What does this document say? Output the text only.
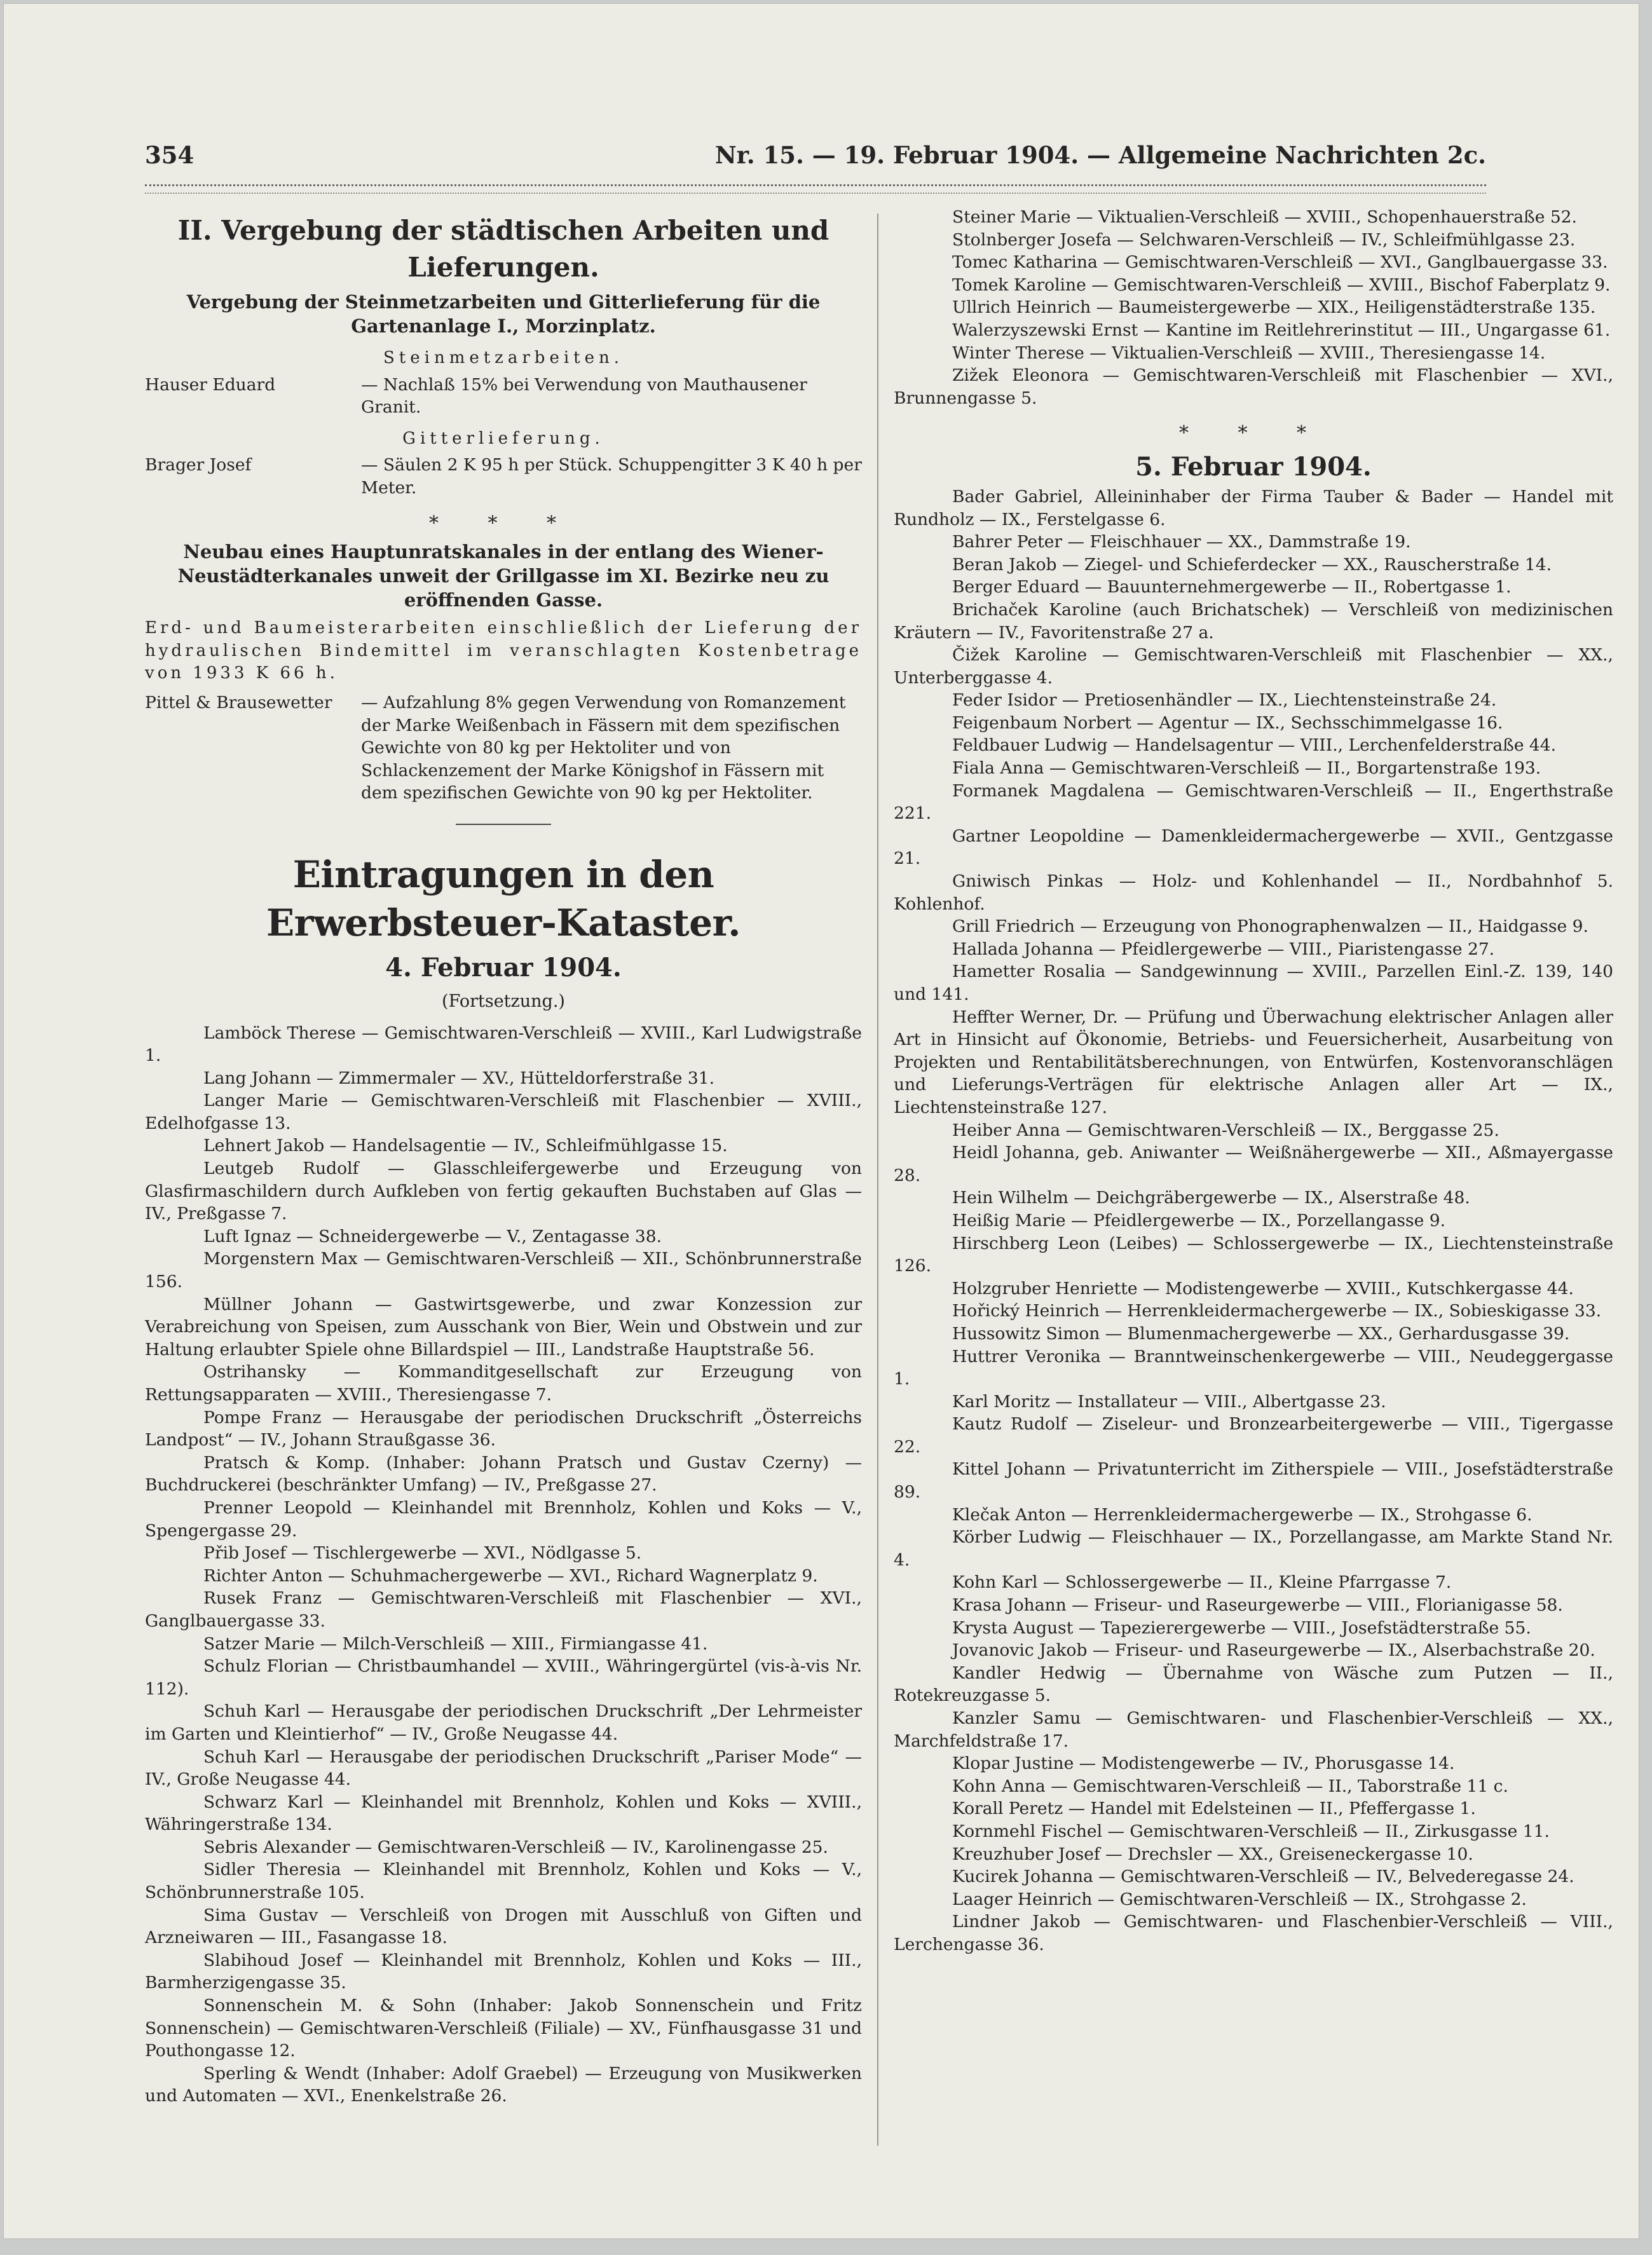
354	Nr. 15. — 19. Februar 1904. — Allgemeine Nachrichten 2c.
II. Vergebung der städtischen Arbeiten und Lieferungen.
Vergebung der Steinmetzarbeiten und Gitterlieferung für die Gartenanlage I., Morzinplatz.
Steinmetzarbeiten.
Hauser Eduard	— Nachlaß 15% bei Verwendung von Mauthausener Granit.
Gitterlieferung.
Brager Josef	— Säulen 2 K 95 h per Stück. Schuppengitter 3 K 40 h per Meter.
* * *
Neubau eines Hauptunratskanales in der entlang des Wiener-Neustädterkanales unweit der Grillgasse im XI. Bezirke neu zu eröffnenden Gasse.
Erd- und Baumeisterarbeiten einschließlich der Lieferung der hydraulischen Bindemittel im veranschlagten Kostenbetrage von 1933 K 66 h.
Pittel & Brausewetter	— Aufzahlung 8% gegen Verwendung von Romanzement der Marke Weißenbach in Fässern mit dem spezifischen Gewichte von 80 kg per Hektoliter und von Schlackenzement der Marke Königshof in Fässern mit dem spezifischen Gewichte von 90 kg per Hektoliter.
Eintragungen in den Erwerbsteuer-Kataster.
4. Februar 1904.
(Fortsetzung.)

Lamböck Therese — Gemischtwaren-Verschleiß — XVIII., Karl Ludwigstraße 1.

Lang Johann — Zimmermaler — XV., Hütteldorferstraße 31.

Langer Marie — Gemischtwaren-Verschleiß mit Flaschenbier — XVIII., Edelhofgasse 13.

Lehnert Jakob — Handelsagentie — IV., Schleifmühlgasse 15.

Leutgeb Rudolf — Glasschleifergewerbe und Erzeugung von Glasfirmaschildern durch Aufkleben von fertig gekauften Buchstaben auf Glas — IV., Preßgasse 7.

Luft Ignaz — Schneidergewerbe — V., Zentagasse 38.

Morgenstern Max — Gemischtwaren-Verschleiß — XII., Schönbrunnerstraße 156.

Müllner Johann — Gastwirtsgewerbe, und zwar Konzession zur Verabreichung von Speisen, zum Ausschank von Bier, Wein und Obstwein und zur Haltung erlaubter Spiele ohne Billardspiel — III., Landstraße Hauptstraße 56.

Ostrihansky — Kommanditgesellschaft zur Erzeugung von Rettungsapparaten — XVIII., Theresiengasse 7.

Pompe Franz — Herausgabe der periodischen Druckschrift „Österreichs Landpost“ — IV., Johann Straußgasse 36.

Pratsch & Komp. (Inhaber: Johann Pratsch und Gustav Czerny) — Buchdruckerei (beschränkter Umfang) — IV., Preßgasse 27.

Prenner Leopold — Kleinhandel mit Brennholz, Kohlen und Koks — V., Spengergasse 29.

Přib Josef — Tischlergewerbe — XVI., Nödlgasse 5.

Richter Anton — Schuhmachergewerbe — XVI., Richard Wagnerplatz 9.

Rusek Franz — Gemischtwaren-Verschleiß mit Flaschenbier — XVI., Ganglbauergasse 33.

Satzer Marie — Milch-Verschleiß — XIII., Firmiangasse 41.

Schulz Florian — Christbaumhandel — XVIII., Währingergürtel (vis-à-vis Nr. 112).

Schuh Karl — Herausgabe der periodischen Druckschrift „Der Lehrmeister im Garten und Kleintierhof“ — IV., Große Neugasse 44.

Schuh Karl — Herausgabe der periodischen Druckschrift „Pariser Mode“ — IV., Große Neugasse 44.

Schwarz Karl — Kleinhandel mit Brennholz, Kohlen und Koks — XVIII., Währingerstraße 134.

Sebris Alexander — Gemischtwaren-Verschleiß — IV., Karolinengasse 25.

Sidler Theresia — Kleinhandel mit Brennholz, Kohlen und Koks — V., Schönbrunnerstraße 105.

Sima Gustav — Verschleiß von Drogen mit Ausschluß von Giften und Arzneiwaren — III., Fasangasse 18.

Slabihoud Josef — Kleinhandel mit Brennholz, Kohlen und Koks — III., Barmherzigengasse 35.

Sonnenschein M. & Sohn (Inhaber: Jakob Sonnenschein und Fritz Sonnenschein) — Gemischtwaren-Verschleiß (Filiale) — XV., Fünfhausgasse 31 und Pouthongasse 12.

Sperling & Wendt (Inhaber: Adolf Graebel) — Erzeugung von Musikwerken und Automaten — XVI., Enenkelstraße 26.

Steiner Marie — Viktualien-Verschleiß — XVIII., Schopenhauerstraße 52.

Stolnberger Josefa — Selchwaren-Verschleiß — IV., Schleifmühlgasse 23.

Tomec Katharina — Gemischtwaren-Verschleiß — XVI., Ganglbauergasse 33.

Tomek Karoline — Gemischtwaren-Verschleiß — XVIII., Bischof Faberplatz 9.

Ullrich Heinrich — Baumeistergewerbe — XIX., Heiligenstädterstraße 135.

Walerzyszewski Ernst — Kantine im Reitlehrerinstitut — III., Ungargasse 61.

Winter Therese — Viktualien-Verschleiß — XVIII., Theresiengasse 14.

Zižek Eleonora — Gemischtwaren-Verschleiß mit Flaschenbier — XVI., Brunnengasse 5.

* * *
5. Februar 1904.

Bader Gabriel, Alleininhaber der Firma Tauber & Bader — Handel mit Rundholz — IX., Ferstelgasse 6.

Bahrer Peter — Fleischhauer — XX., Dammstraße 19.

Beran Jakob — Ziegel- und Schieferdecker — XX., Rauscherstraße 14.

Berger Eduard — Bauunternehmergewerbe — II., Robertgasse 1.

Brichaček Karoline (auch Brichatschek) — Verschleiß von medizinischen Kräutern — IV., Favoritenstraße 27 a.

Čižek Karoline — Gemischtwaren-Verschleiß mit Flaschenbier — XX., Unterberggasse 4.

Feder Isidor — Pretiosenhändler — IX., Liechtensteinstraße 24.

Feigenbaum Norbert — Agentur — IX., Sechsschimmelgasse 16.

Feldbauer Ludwig — Handelsagentur — VIII., Lerchenfelderstraße 44.

Fiala Anna — Gemischtwaren-Verschleiß — II., Borgartenstraße 193.

Formanek Magdalena — Gemischtwaren-Verschleiß — II., Engerthstraße 221.

Gartner Leopoldine — Damenkleidermachergewerbe — XVII., Gentzgasse 21.

Gniwisch Pinkas — Holz- und Kohlenhandel — II., Nordbahnhof 5. Kohlenhof.

Grill Friedrich — Erzeugung von Phonographenwalzen — II., Haidgasse 9.

Hallada Johanna — Pfeidlergewerbe — VIII., Piaristengasse 27.

Hametter Rosalia — Sandgewinnung — XVIII., Parzellen Einl.-Z. 139, 140 und 141.

Heffter Werner, Dr. — Prüfung und Überwachung elektrischer Anlagen aller Art in Hinsicht auf Ökonomie, Betriebs- und Feuersicherheit, Ausarbeitung von Projekten und Rentabilitätsberechnungen, von Entwürfen, Kostenvoranschlägen und Lieferungs-Verträgen für elektrische Anlagen aller Art — IX., Liechtensteinstraße 127.

Heiber Anna — Gemischtwaren-Verschleiß — IX., Berggasse 25.

Heidl Johanna, geb. Aniwanter — Weißnähergewerbe — XII., Aßmayergasse 28.

Hein Wilhelm — Deichgräbergewerbe — IX., Alserstraße 48.

Heißig Marie — Pfeidlergewerbe — IX., Porzellangasse 9.

Hirschberg Leon (Leibes) — Schlossergewerbe — IX., Liechtensteinstraße 126.

Holzgruber Henriette — Modistengewerbe — XVIII., Kutschkergasse 44.

Hořický Heinrich — Herrenkleidermachergewerbe — IX., Sobieskigasse 33.

Hussowitz Simon — Blumenmachergewerbe — XX., Gerhardusgasse 39.

Huttrer Veronika — Branntweinschenkergewerbe — VIII., Neudeggergasse 1.

Karl Moritz — Installateur — VIII., Albertgasse 23.

Kautz Rudolf — Ziseleur- und Bronzearbeitergewerbe — VIII., Tigergasse 22.

Kittel Johann — Privatunterricht im Zitherspiele — VIII., Josefstädterstraße 89.

Klečak Anton — Herrenkleidermachergewerbe — IX., Strohgasse 6.

Körber Ludwig — Fleischhauer — IX., Porzellangasse, am Markte Stand Nr. 4.

Kohn Karl — Schlossergewerbe — II., Kleine Pfarrgasse 7.

Krasa Johann — Friseur- und Raseurgewerbe — VIII., Florianigasse 58.

Krysta August — Tapezierergewerbe — VIII., Josefstädterstraße 55.

Jovanovic Jakob — Friseur- und Raseurgewerbe — IX., Alserbachstraße 20.

Kandler Hedwig — Übernahme von Wäsche zum Putzen — II., Rotekreuzgasse 5.

Kanzler Samu — Gemischtwaren- und Flaschenbier-Verschleiß — XX., Marchfeldstraße 17.

Klopar Justine — Modistengewerbe — IV., Phorusgasse 14.

Kohn Anna — Gemischtwaren-Verschleiß — II., Taborstraße 11 c.

Korall Peretz — Handel mit Edelsteinen — II., Pfeffergasse 1.

Kornmehl Fischel — Gemischtwaren-Verschleiß — II., Zirkusgasse 11.

Kreuzhuber Josef — Drechsler — XX., Greiseneckergasse 10.

Kucirek Johanna — Gemischtwaren-Verschleiß — IV., Belvederegasse 24.

Laager Heinrich — Gemischtwaren-Verschleiß — IX., Strohgasse 2.

Lindner Jakob — Gemischtwaren- und Flaschenbier-Verschleiß — VIII., Lerchengasse 36.
